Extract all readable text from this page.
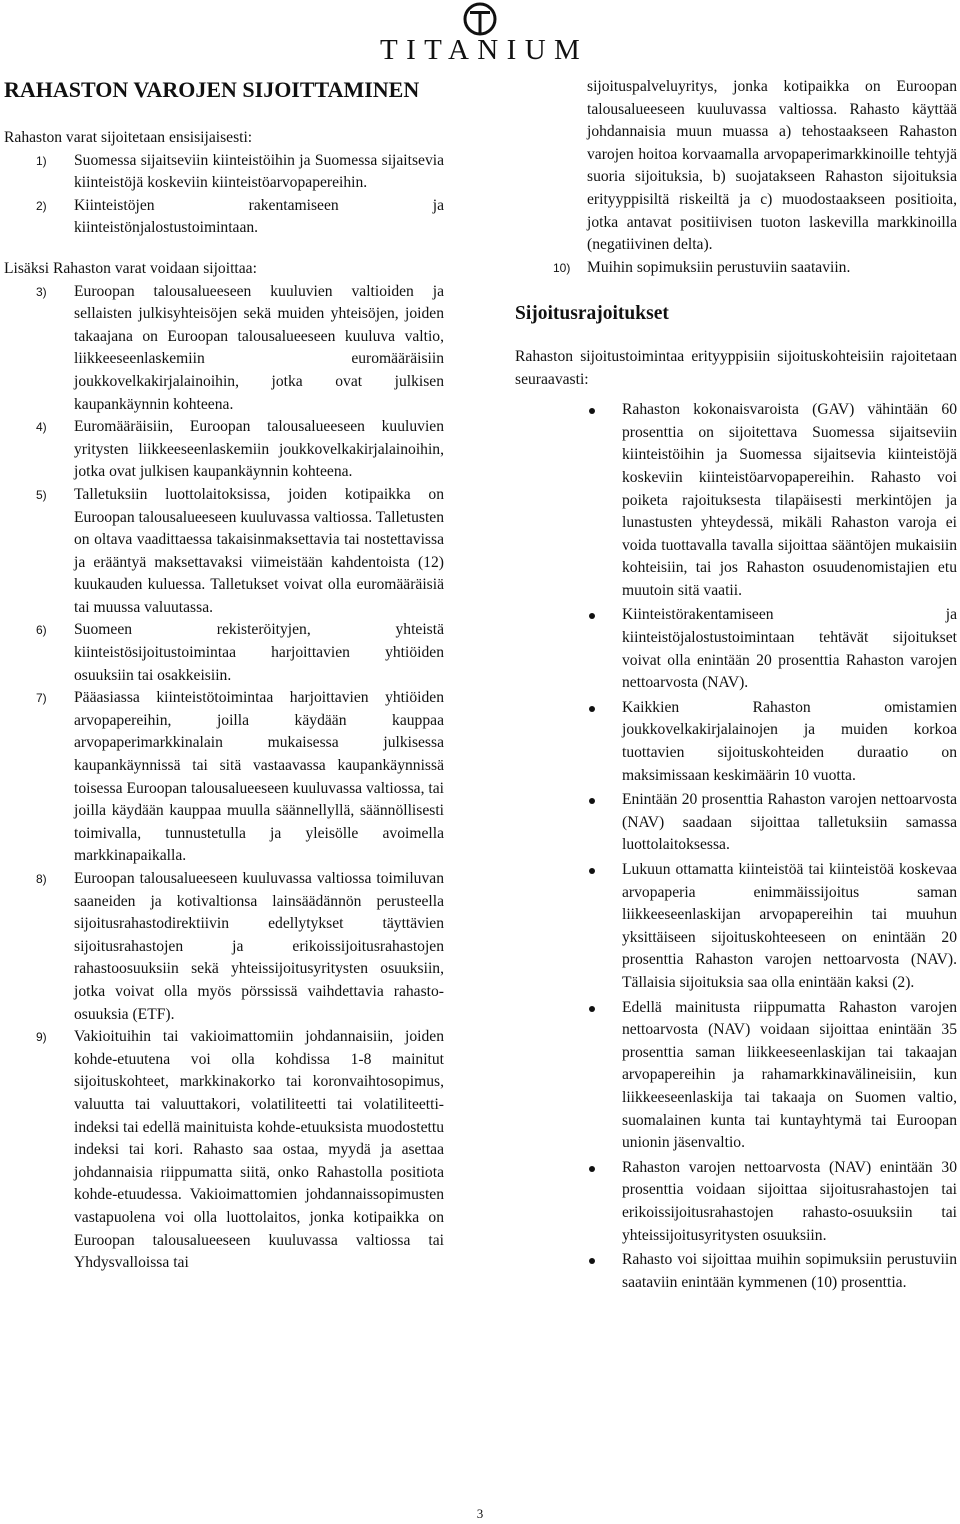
TITANIUM
RAHASTON VAROJEN SIJOITTAMINEN

Rahaston varat sijoitetaan ensisijaisesti:

1) Suomessa sijaitseviin kiinteistöihin ja Suomessa sijaitsevia kiinteistöjä koskeviin kiinteistöarvopapereihin.
2) Kiinteistöjen rakentamiseen ja kiinteistönjalostustoimintaan.

Lisäksi Rahaston varat voidaan sijoittaa:

3) Euroopan talousalueeseen kuuluvien valtioiden ja sellaisten julkisyhteisöjen sekä muiden yhteisöjen, joiden takaajana on Euroopan talousalueeseen kuuluva valtio, liikkeeseenlaskemiin euromääräisiin joukkovelkakirjalainoihin, jotka ovat julkisen kaupankäynnin kohteena.
4) Euromääräisiin, Euroopan talousalueeseen kuuluvien yritysten liikkeeseenlaskemiin joukkovelkakirjalainoihin, jotka ovat julkisen kaupankäynnin kohteena.
5) Talletuksiin luottolaitoksissa, joiden kotipaikka on Euroopan talousalueeseen kuuluvassa valtiossa. Talletusten on oltava vaadittaessa takaisinmaksettavia tai nostettavissa ja erääntyä maksettavaksi viimeistään kahdentoista (12) kuukauden kuluessa. Talletukset voivat olla euromääräisiä tai muussa valuutassa.
6) Suomeen rekisteröityjen, yhteistä kiinteistösijoitustoimintaa harjoittavien yhtiöiden osuuksiin tai osakkeisiin.
7) Pääasiassa kiinteistötoimintaa harjoittavien yhtiöiden arvopapereihin, joilla käydään kauppaa arvopaperimarkkinalain mukaisessa julkisessa kaupankäynnissä tai sitä vastaavassa kaupankäynnissä toisessa Euroopan talousalueeseen kuuluvassa valtiossa, tai joilla käydään kauppaa muulla säännellyllä, säännöllisesti toimivalla, tunnustetulla ja yleisölle avoimella markkinapaikalla.
8) Euroopan talousalueeseen kuuluvassa valtiossa toimiluvan saaneiden ja kotivaltionsa lainsäädännön perusteella sijoitusrahastodirektiivin edellytykset täyttävien sijoitusrahastojen ja erikoissijoitusrahastojen rahastoosuuksiin sekä yhteissijoitusyritysten osuuksiin, jotka voivat olla myös pörssissä vaihdettavia rahasto-osuuksia (ETF).
9) Vakioituihin tai vakioimattomiin johdannaisiin, joiden kohde-etuutena voi olla kohdissa 1-8 mainitut sijoituskohteet, markkinakorko tai koronvaihtosopimus, valuutta tai valuuttakori, volatiliteetti tai volatiliteetti-indeksi tai edellä mainituista kohde-etuuksista muodostettu indeksi tai kori. Rahasto saa ostaa, myydä ja asettaa johdannaisia riippumatta siitä, onko Rahastolla positiota kohde-etuudessa. Vakioimattomien johdannaissopimusten vastapuolena voi olla luottolaitos, jonka kotipaikka on Euroopan talousalueeseen kuuluvassa valtiossa tai Yhdysvalloissa tai

sijoituspalveluyritys, jonka kotipaikka on Euroopan talousalueeseen kuuluvassa valtiossa. Rahasto käyttää johdannaisia muun muassa a) tehostaakseen Rahaston varojen hoitoa korvaamalla arvopaperimarkkinoille tehtyjä suoria sijoituksia, b) suojatakseen Rahaston sijoituksia erityyppisiltä riskeiltä ja c) muodostaakseen positioita, jotka antavat positiivisen tuoton laskevilla markkinoilla (negatiivinen delta).

10) Muihin sopimuksiin perustuviin saataviin.
Sijoitusrajoitukset

Rahaston sijoitustoimintaa erityyppisiin sijoituskohteisiin rajoitetaan seuraavasti:

Rahaston kokonaisvaroista (GAV) vähintään 60 prosenttia on sijoitettava Suomessa sijaitseviin kiinteistöihin ja Suomessa sijaitsevia kiinteistöjä koskeviin kiinteistöarvopapereihin. Rahasto voi poiketa rajoituksesta tilapäisesti merkintöjen ja lunastusten yhteydessä, mikäli Rahaston varoja ei voida tuottavalla tavalla sijoittaa sääntöjen mukaisiin kohteisiin, tai jos Rahaston osuudenomistajien etu muutoin sitä vaatii.
Kiinteistörakentamiseen ja kiinteistöjalostustoimintaan tehtävät sijoitukset voivat olla enintään 20 prosenttia Rahaston varojen nettoarvosta (NAV).
Kaikkien Rahaston omistamien joukkovelkakirjalainojen ja muiden korkoa tuottavien sijoituskohteiden duraatio on maksimissaan keskimäärin 10 vuotta.
Enintään 20 prosenttia Rahaston varojen nettoarvosta (NAV) saadaan sijoittaa talletuksiin samassa luottolaitoksessa.
Lukuun ottamatta kiinteistöä tai kiinteistöä koskevaa arvopaperia enimmäissijoitus saman liikkeeseenlaskijan arvopapereihin tai muuhun yksittäiseen sijoituskohteeseen on enintään 20 prosenttia Rahaston varojen nettoarvosta (NAV). Tällaisia sijoituksia saa olla enintään kaksi (2).
Edellä mainitusta riippumatta Rahaston varojen nettoarvosta (NAV) voidaan sijoittaa enintään 35 prosenttia saman liikkeeseenlaskijan tai takaajan arvopapereihin ja rahamarkkinavälineisiin, kun liikkeeseenlaskija tai takaaja on Suomen valtio, suomalainen kunta tai kuntayhtymä tai Euroopan unionin jäsenvaltio.
Rahaston varojen nettoarvosta (NAV) enintään 30 prosenttia voidaan sijoittaa sijoitusrahastojen tai erikoissijoitusrahastojen rahasto-osuuksiin tai yhteissijoitusyritysten osuuksiin.
Rahasto voi sijoittaa muihin sopimuksiin perustuviin saataviin enintään kymmenen (10) prosenttia.
3
